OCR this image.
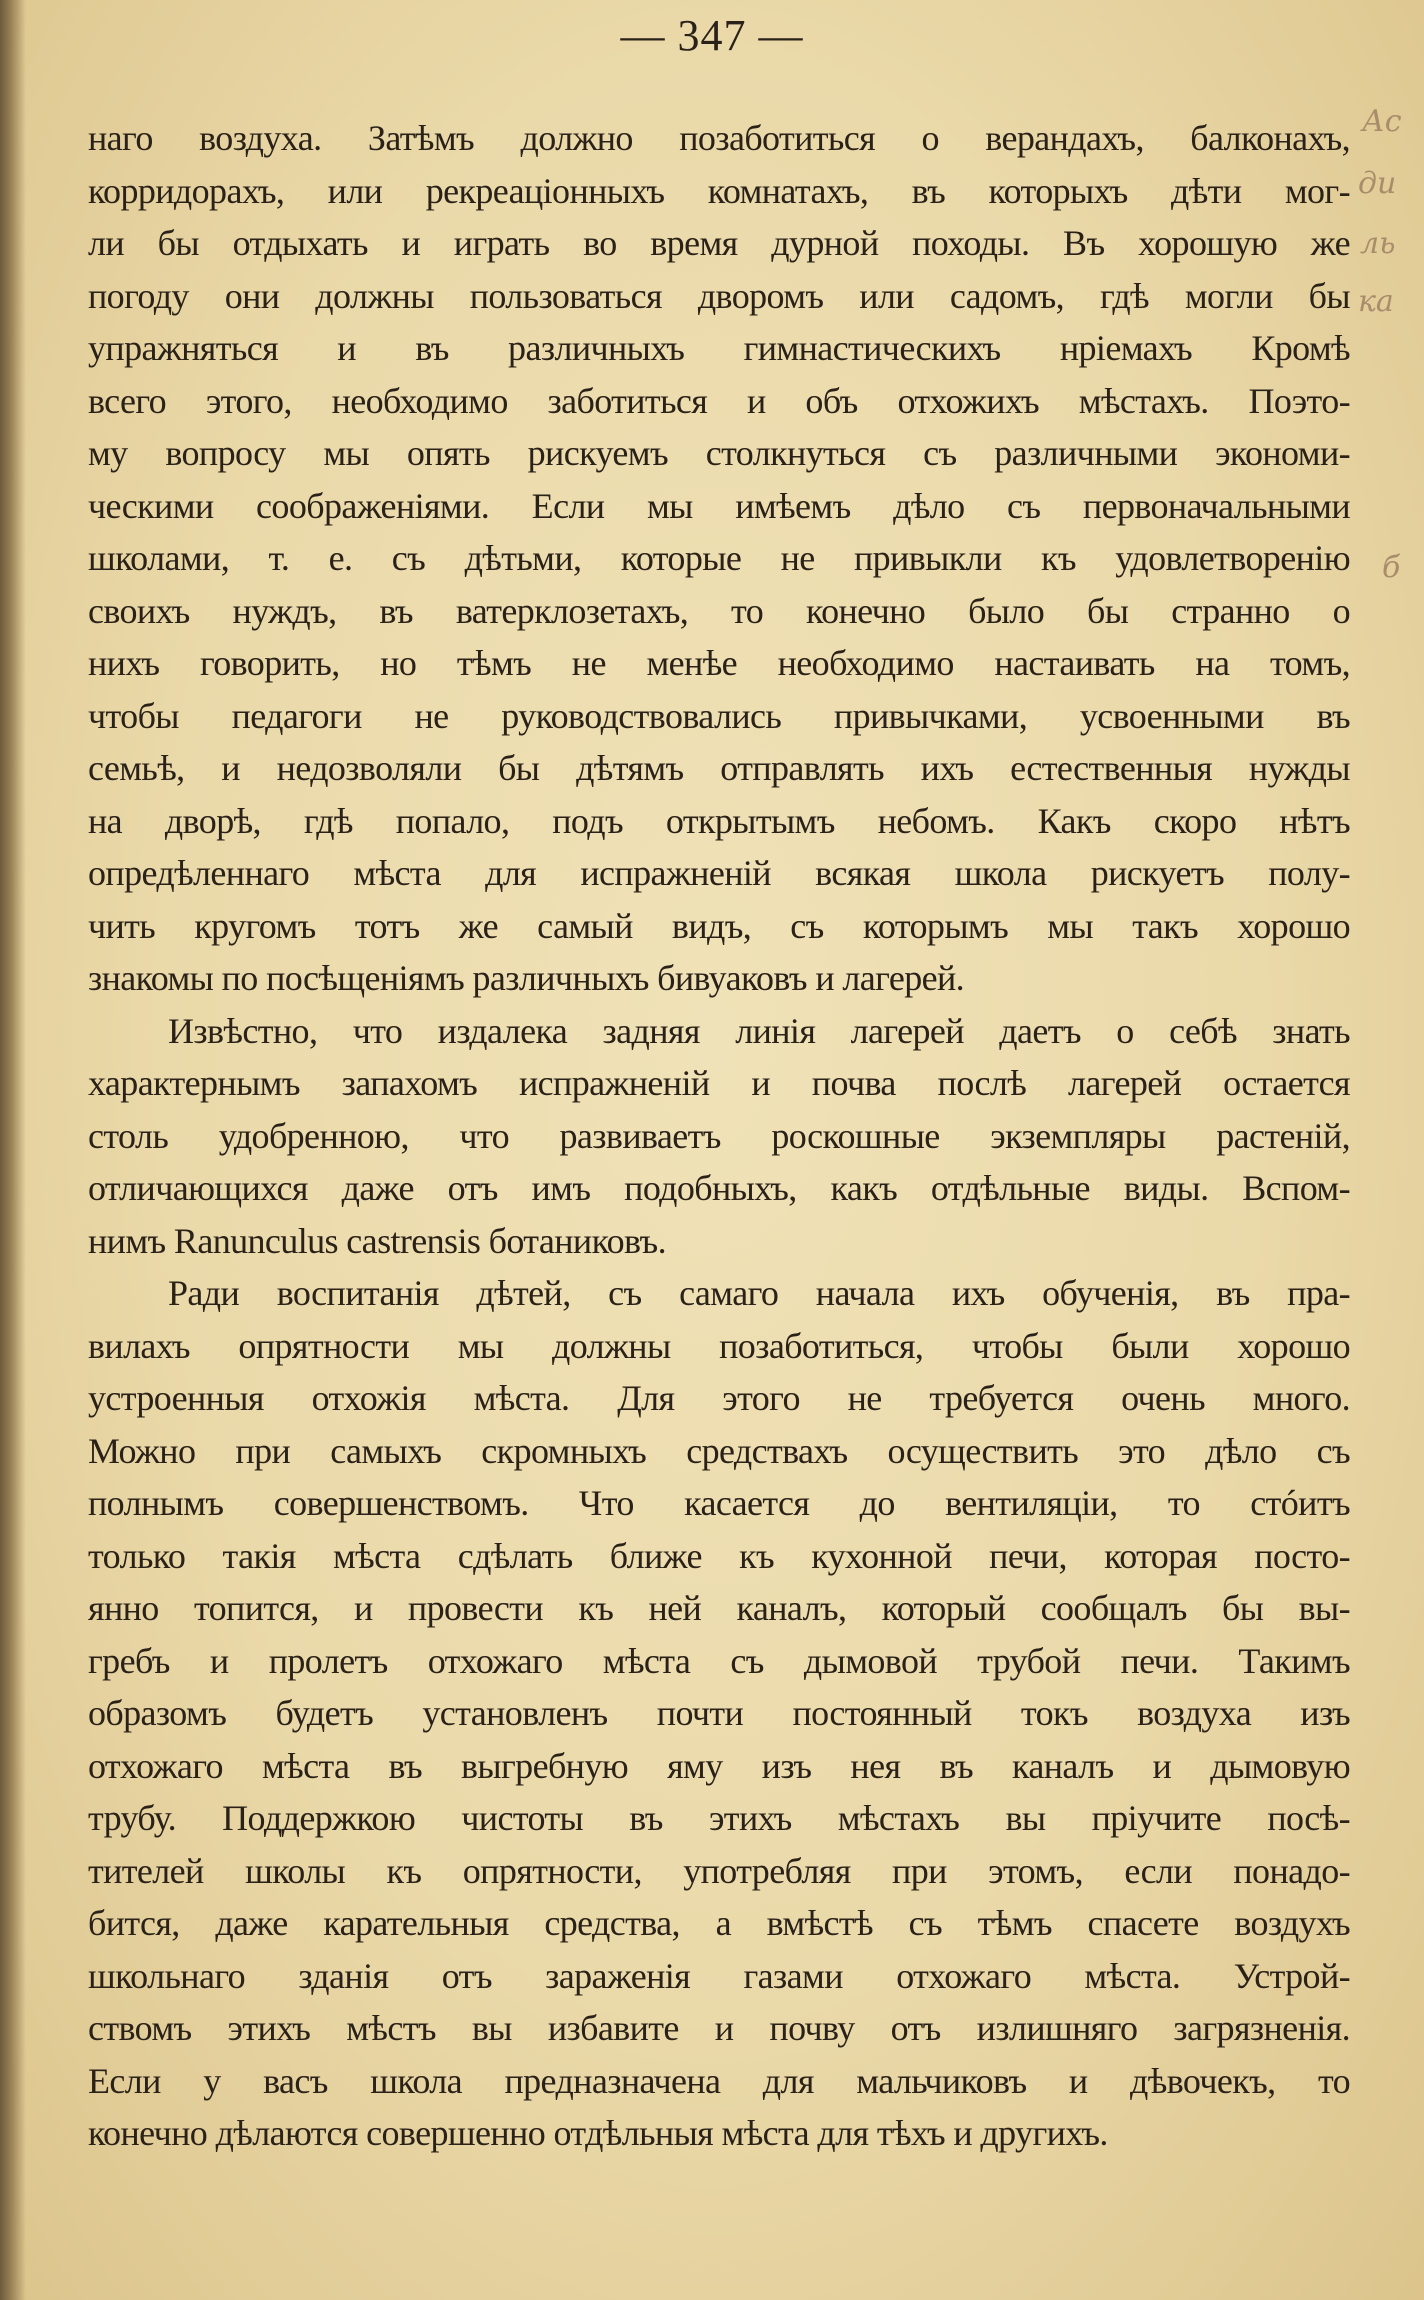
— 347 —
наго воздуха. Затѣмъ должно позаботиться о верандахъ, балконахъ,
корридорахъ, или рекреаціонныхъ комнатахъ, въ которыхъ дѣти мог-
ли бы отдыхать и играть во время дурной походы. Въ хорошую же
погоду они должны пользоваться дворомъ или садомъ, гдѣ могли бы
упражняться и въ различныхъ гимнастическихъ нріемахъ Кромѣ
всего этого, необходимо заботиться и объ отхожихъ мѣстахъ. Поэто-
му вопросу мы опять рискуемъ столкнуться съ различными экономи-
ческими соображеніями. Если мы имѣемъ дѣло съ первоначальными
школами, т. е. съ дѣтьми, которые не привыкли къ удовлетворенію
своихъ нуждъ, въ ватерклозетахъ, то конечно было бы странно о
нихъ говорить, но тѣмъ не менѣе необходимо настаивать на томъ,
чтобы педагоги не руководствовались привычками, усвоенными въ
семьѣ, и недозволяли бы дѣтямъ отправлять ихъ естественныя нужды
на дворѣ, гдѣ попало, подъ открытымъ небомъ. Какъ скоро нѣтъ
опредѣленнаго мѣста для испражненій всякая школа рискуетъ полу-
чить кругомъ тотъ же самый видъ, съ которымъ мы такъ хорошо
знакомы по посѣщеніямъ различныхъ бивуаковъ и лагерей.
Извѣстно, что издалека задняя линія лагерей даетъ о себѣ знать
характернымъ запахомъ испражненій и почва послѣ лагерей остается
столь удобренною, что развиваетъ роскошные экземпляры растеній,
отличающихся даже отъ имъ подобныхъ, какъ отдѣльные виды. Вспом-
нимъ Ranunculus castrensis ботаниковъ.
Ради воспитанія дѣтей, съ самаго начала ихъ обученія, въ пра-
вилахъ опрятности мы должны позаботиться, чтобы были хорошо
устроенныя отхожія мѣста. Для этого не требуется очень много.
Можно при самыхъ скромныхъ средствахъ осуществить это дѣло съ
полнымъ совершенствомъ. Что касается до вентиляціи, то стóитъ
только такія мѣста сдѣлать ближе къ кухонной печи, которая посто-
янно топится, и провести къ ней каналъ, который сообщалъ бы вы-
гребъ и пролетъ отхожаго мѣста съ дымовой трубой печи. Такимъ
образомъ будетъ установленъ почти постоянный токъ воздуха изъ
отхожаго мѣста въ выгребную яму изъ нея въ каналъ и дымовую
трубу. Поддержкою чистоты въ этихъ мѣстахъ вы пріучите посѣ-
тителей школы къ опрятности, употребляя при этомъ, если понадо-
бится, даже карательныя средства, а вмѣстѣ съ тѣмъ спасете воздухъ
школьнаго зданія отъ зараженія газами отхожаго мѣста. Устрой-
ствомъ этихъ мѣстъ вы избавите и почву отъ излишняго загрязненія.
Если у васъ школа предназначена для мальчиковъ и дѣвочекъ, то
конечно дѣлаются совершенно отдѣльныя мѣста для тѣхъ и другихъ.
Ас
ди
ль
ка
б
